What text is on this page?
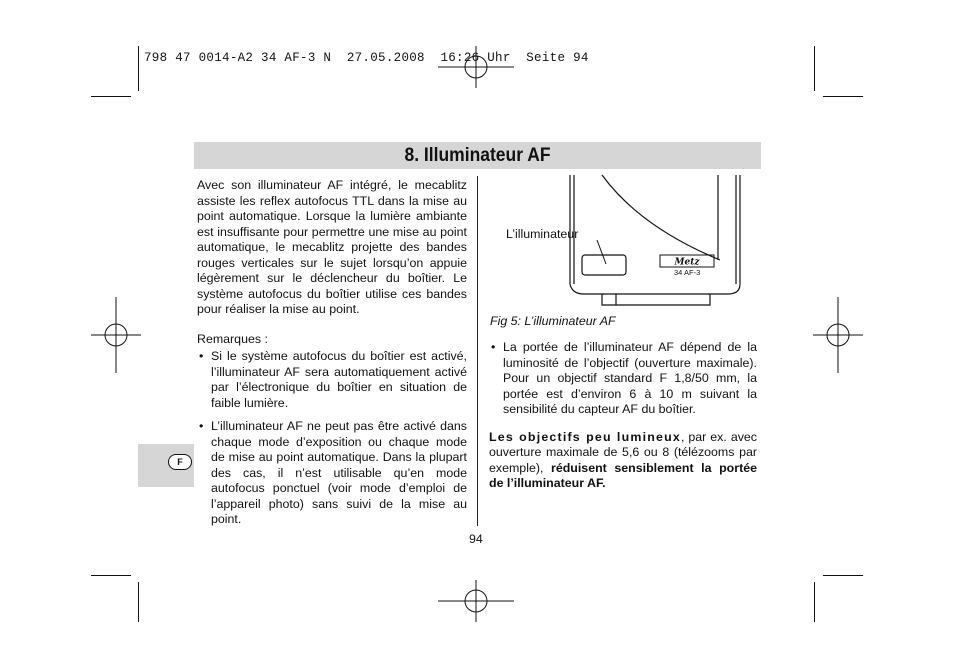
798 47 0014-A2 34 AF-3 N  27.05.2008  16:26 Uhr  Seite 94
8. Illuminateur AF
F

Avec son illuminateur AF intégré, le mecablitz assiste les reflex autofocus TTL dans la mise au point automatique. Lorsque la lumière ambiante est insuffisante pour permettre une mise au point automatique, le mecablitz projette des bandes rouges verticales sur le sujet lorsqu’on appuie légèrement sur le déclencheur du boîtier. Le système autofocus du boîtier utilise ces bandes pour réaliser la mise au point.

Remarques :

• Si le système autofocus du boîtier est activé, l’illuminateur AF sera automatiquement activé par l’électronique du boîtier en situation de faible lumière.
• L’illuminateur AF ne peut pas être activé dans chaque mode d’exposition ou chaque mode de mise au point automatique. Dans la plupart des cas, il n’est utilisable qu’en mode autofocus ponctuel (voir mode d’emploi de l’appareil photo) sans suivi de la mise au point.
Metz
34 AF-3
L’illuminateur
Fig 5: L’illuminateur AF
• La portée de l’illuminateur AF dépend de la luminosité de l’objectif (ouverture maximale). Pour un objectif standard F 1,8/50 mm, la portée est d’environ 6 à 10 m suivant la sensibilité du capteur AF du boîtier.

Les objectifs peu lumineux, par ex. avec ouverture maximale de 5,6 ou 8 (télézooms par exemple), réduisent sensiblement la portée de l’illuminateur AF.

94
